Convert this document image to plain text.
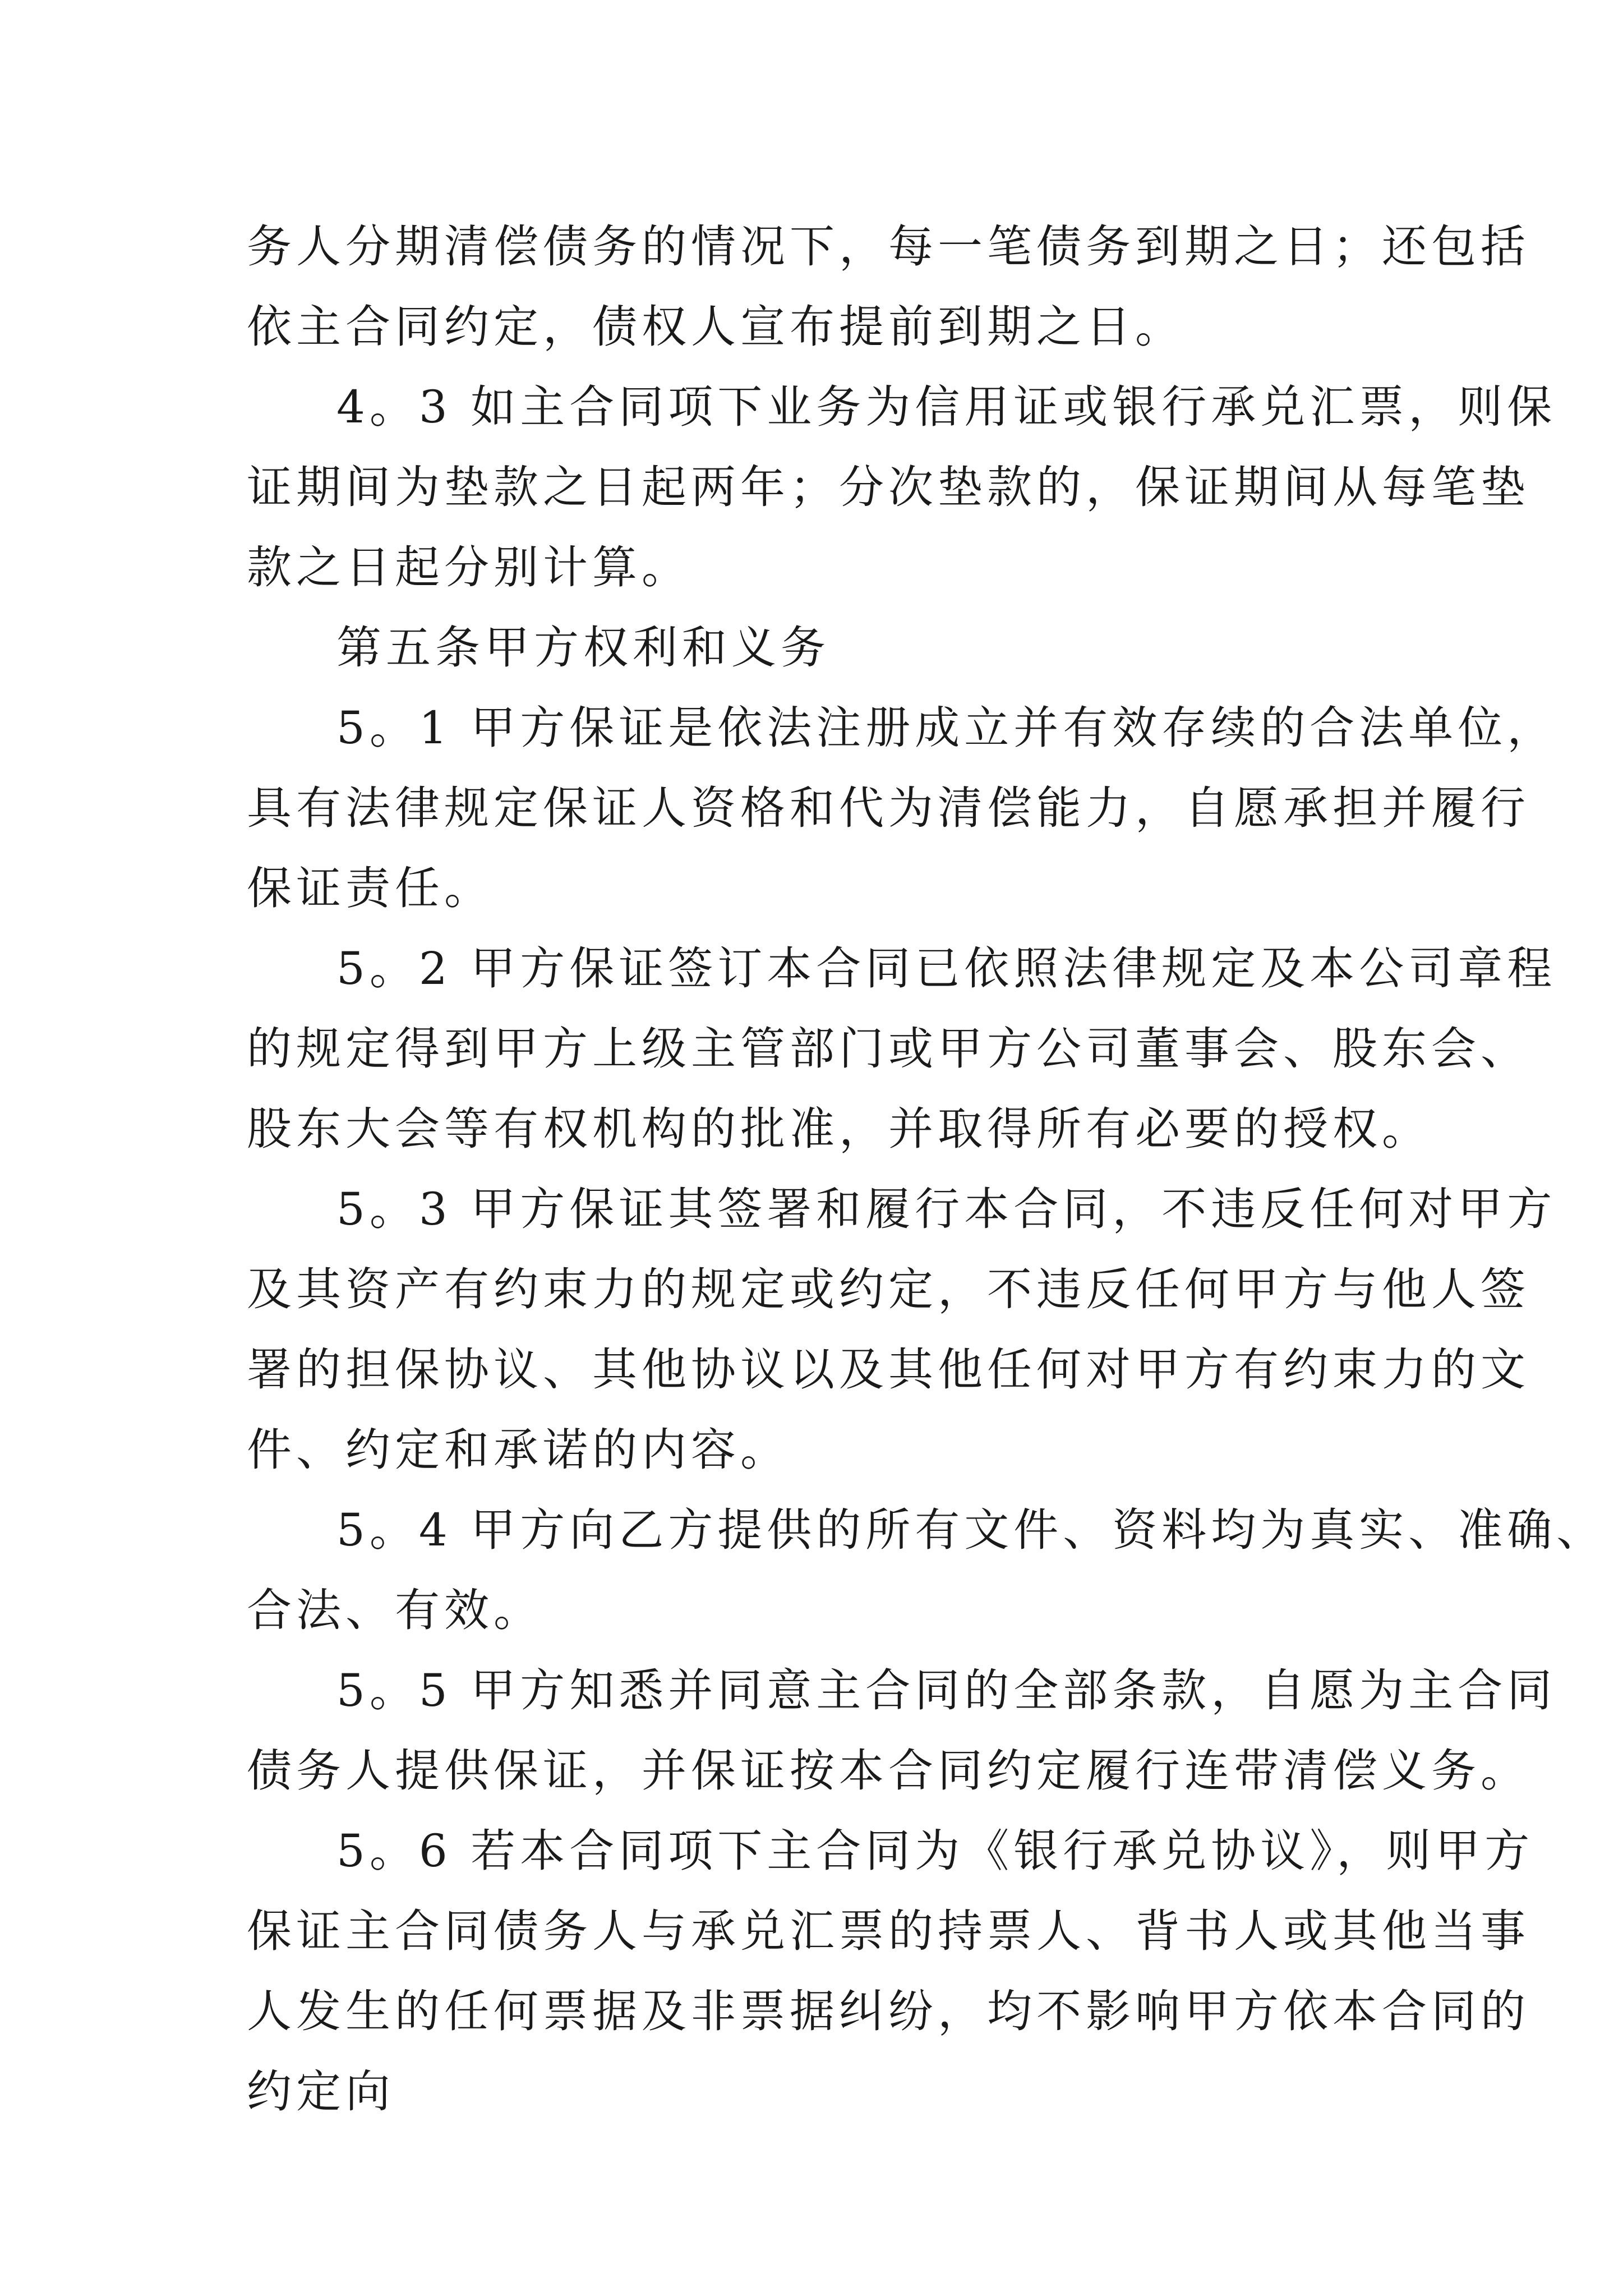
务人分期清偿债务的情况下，每一笔债务到期之日；还包括
依主合同约定，债权人宣布提前到期之日。
4。3 如主合同项下业务为信用证或银行承兑汇票，则保
证期间为垫款之日起两年；分次垫款的，保证期间从每笔垫
款之日起分别计算。
第五条甲方权利和义务
5。1 甲方保证是依法注册成立并有效存续的合法单位，
具有法律规定保证人资格和代为清偿能力，自愿承担并履行
保证责任。
5。2 甲方保证签订本合同已依照法律规定及本公司章程
的规定得到甲方上级主管部门或甲方公司董事会、股东会、
股东大会等有权机构的批准，并取得所有必要的授权。
5。3 甲方保证其签署和履行本合同，不违反任何对甲方
及其资产有约束力的规定或约定，不违反任何甲方与他人签
署的担保协议、其他协议以及其他任何对甲方有约束力的文
件、约定和承诺的内容。
5。4 甲方向乙方提供的所有文件、资料均为真实、准确、
合法、有效。
5。5 甲方知悉并同意主合同的全部条款，自愿为主合同
债务人提供保证，并保证按本合同约定履行连带清偿义务。
5。6 若本合同项下主合同为《银行承兑协议》，则甲方
保证主合同债务人与承兑汇票的持票人、背书人或其他当事
人发生的任何票据及非票据纠纷，均不影响甲方依本合同的
约定向
